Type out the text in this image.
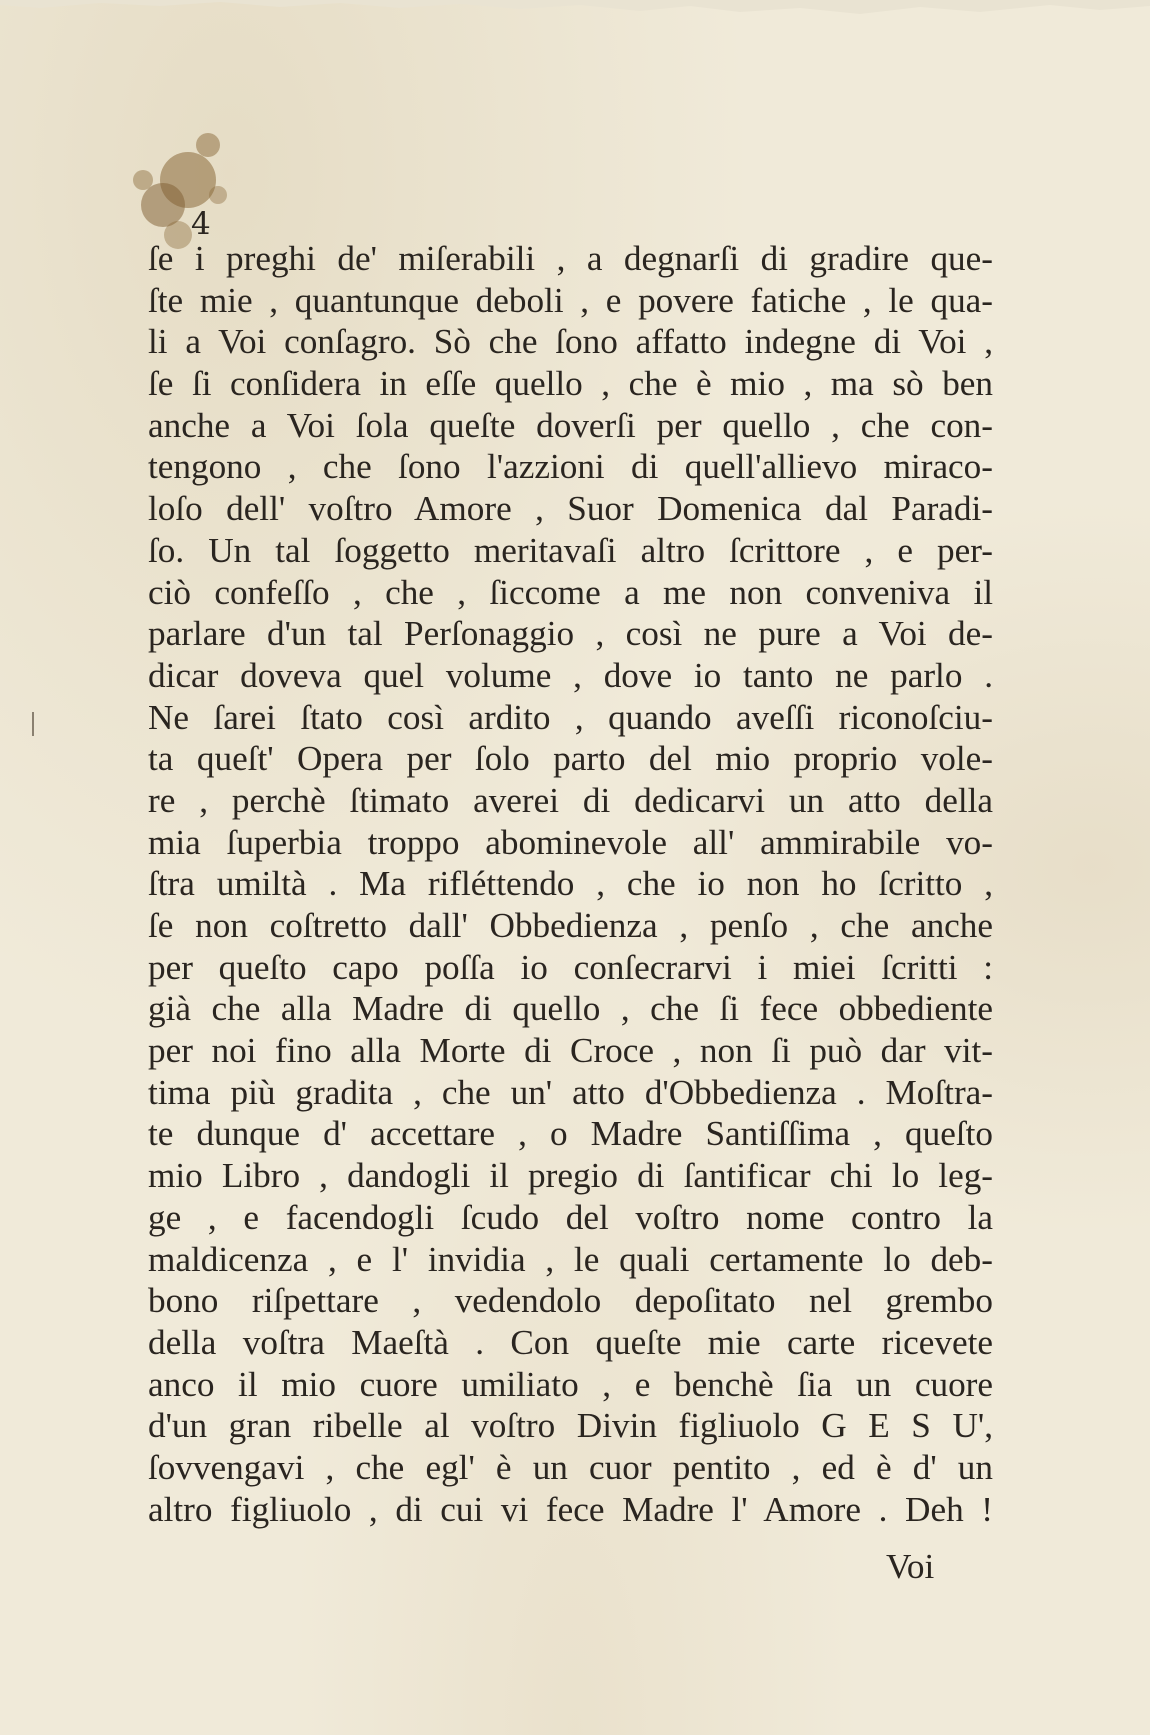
4
ſe i preghi de' miſerabili , a degnarſi di gradire que-
ſte mie , quantunque deboli , e povere fatiche , le qua-
li a Voi conſagro. Sò che ſono affatto indegne di Voi ,
ſe ſi conſidera in eſſe quello , che è mio , ma sò ben
anche a Voi ſola queſte doverſi per quello , che con-
tengono , che ſono l'azzioni di quell'allievo miraco-
loſo dell' voſtro Amore , Suor Domenica dal Paradi-
ſo. Un tal ſoggetto meritavaſi altro ſcrittore , e per-
ciò confeſſo , che , ſiccome a me non conveniva il
parlare d'un tal Perſonaggio , così ne pure a Voi de-
dicar doveva quel volume , dove io tanto ne parlo .
Ne ſarei ſtato così ardito , quando aveſſi riconoſciu-
ta queſt' Opera per ſolo parto del mio proprio vole-
re , perchè ſtimato averei di dedicarvi un atto della
mia ſuperbia troppo abominevole all' ammirabile vo-
ſtra umiltà . Ma rifléttendo , che io non ho ſcritto ,
ſe non coſtretto dall' Obbedienza , penſo , che anche
per queſto capo poſſa io conſecrarvi i miei ſcritti :
già che alla Madre di quello , che ſi fece obbediente
per noi fino alla Morte di Croce , non ſi può dar vit-
tima più gradita , che un' atto d'Obbedienza . Moſtra-
te dunque d' accettare , o Madre Santiſſima , queſto
mio Libro , dandogli il pregio di ſantificar chi lo leg-
ge , e facendogli ſcudo del voſtro nome contro la
maldicenza , e l' invidia , le quali certamente lo deb-
bono riſpettare , vedendolo depoſitato nel grembo
della voſtra Maeſtà . Con queſte mie carte ricevete
anco il mio cuore umiliato , e benchè ſia un cuore
d'un gran ribelle al voſtro Divin figliuolo G E S U',
ſovvengavi , che egl' è un cuor pentito , ed è d' un
altro figliuolo , di cui vi fece Madre l' Amore . Deh !
Voi
